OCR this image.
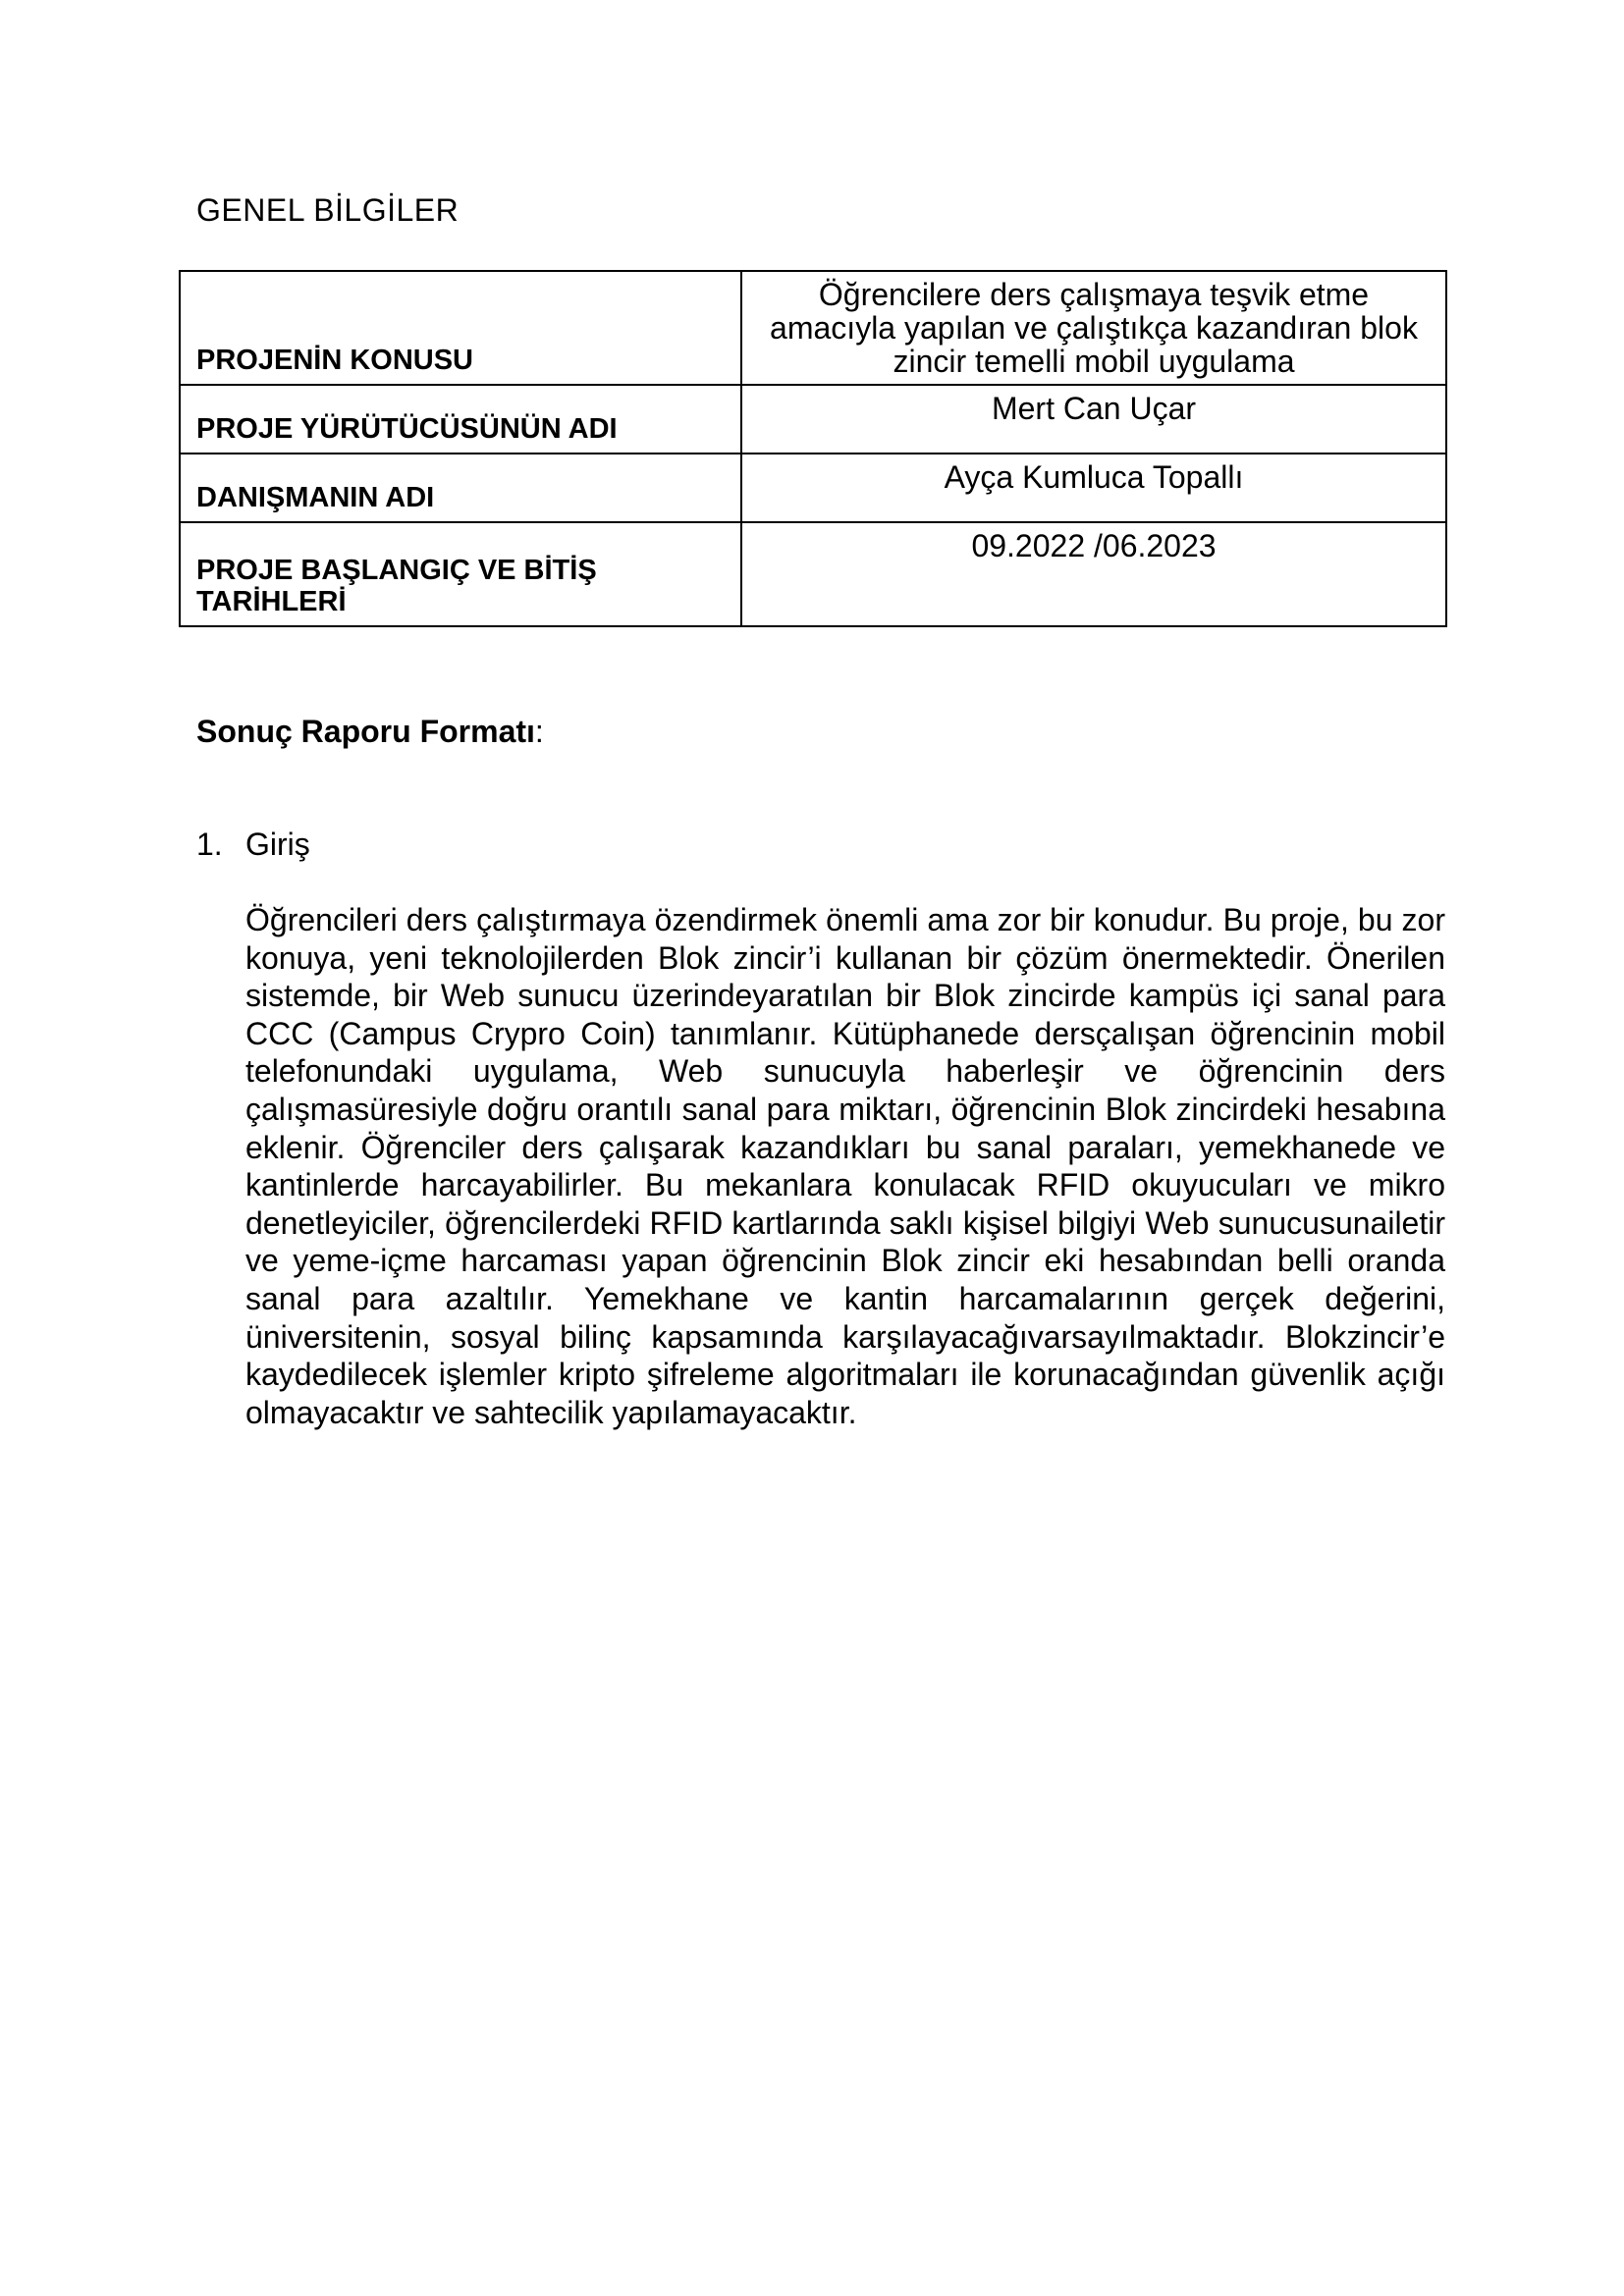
GENEL BİLGİLER
PROJENİN KONUSU	Öğrencilere ders çalışmaya teşvik etme amacıyla yapılan ve çalıştıkça kazandıran blok zincir temelli mobil uygulama
PROJE YÜRÜTÜCÜSÜNÜN ADI	Mert Can Uçar
DANIŞMANIN ADI	Ayça Kumluca Topallı
PROJE BAŞLANGIÇ VE BİTİŞ TARİHLERİ	09.2022 /06.2023

Sonuç Raporu Formatı:

1. Giriş

Öğrencileri ders çalıştırmaya özendirmek önemli ama zor bir konudur. Bu proje, bu zor konuya, yeni teknolojilerden Blok zincir’i kullanan bir çözüm önermektedir. Önerilen sistemde, bir Web sunucu üzerindeyaratılan bir Blok zincirde kampüs içi sanal para CCC (Campus Crypro Coin) tanımlanır. Kütüphanede dersçalışan öğrencinin mobil telefonundaki uygulama, Web sunucuyla haberleşir ve öğrencinin ders çalışmasüresiyle doğru orantılı sanal para miktarı, öğrencinin Blok zincirdeki hesabına eklenir. Öğrenciler ders çalışarak kazandıkları bu sanal paraları, yemekhanede ve kantinlerde harcayabilirler. Bu mekanlara konulacak RFID okuyucuları ve mikro denetleyiciler, öğrencilerdeki RFID kartlarında saklı kişisel bilgiyi Web sunucusunailetir ve yeme-içme harcaması yapan öğrencinin Blok zincir eki hesabından belli oranda sanal para azaltılır. Yemekhane ve kantin harcamalarının gerçek değerini, üniversitenin, sosyal bilinç kapsamında karşılayacağıvarsayılmaktadır. Blokzincir’e kaydedilecek işlemler kripto şifreleme algoritmaları ile korunacağından güvenlik açığı olmayacaktır ve sahtecilik yapılamayacaktır.
